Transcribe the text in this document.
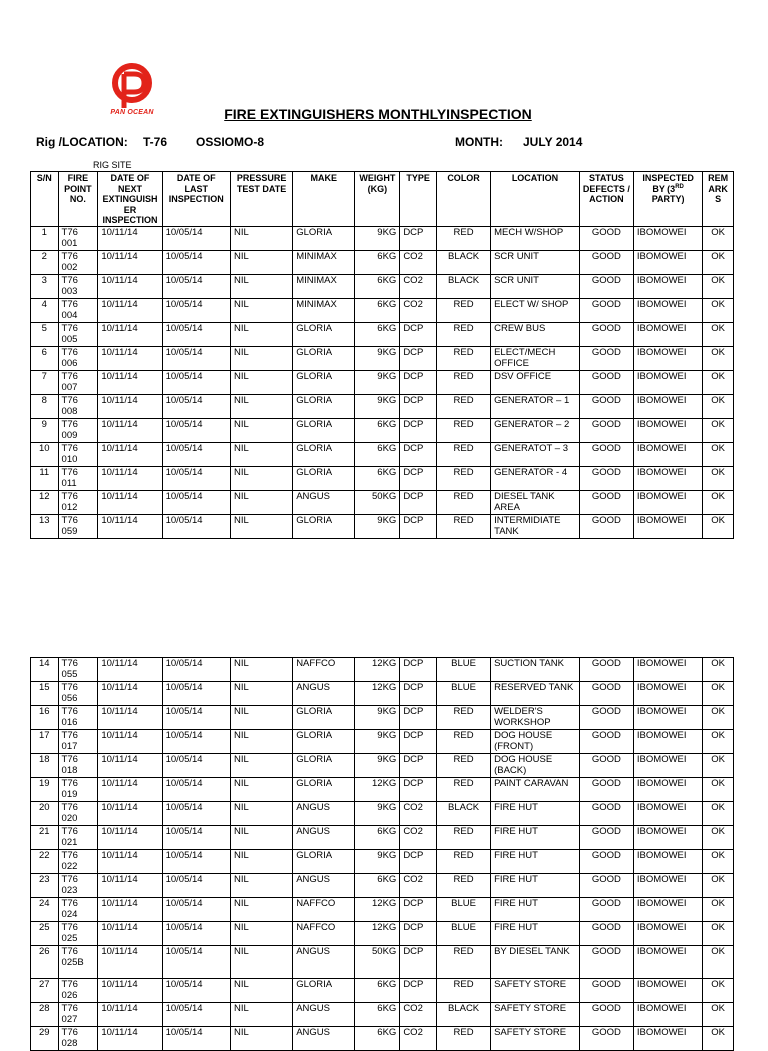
PAN OCEAN	FIRE EXTINGUISHERS MONTHLYINSPECTION
Rig /LOCATION: T-76 OSSIOMO-8	MONTH: JULY 2014
RIG SITE
S/N	FIRE POINT NO.	DATE OF NEXT EXTINGUISH ER INSPECTION	DATE OF LAST INSPECTION	PRESSURE TEST DATE	MAKE	WEIGHT (KG)	TYPE	COLOR	LOCATION	STATUS DEFECTS / ACTION	INSPECTED BY (3RD PARTY)	REM ARK S
1	T76 001	10/11/14	10/05/14	NIL	GLORIA	9KG	DCP	RED	MECH W/SHOP	GOOD	IBOMOWEI	OK
2	T76 002	10/11/14	10/05/14	NIL	MINIMAX	6KG	CO2	BLACK	SCR UNIT	GOOD	IBOMOWEI	OK
3	T76 003	10/11/14	10/05/14	NIL	MINIMAX	6KG	CO2	BLACK	SCR UNIT	GOOD	IBOMOWEI	OK
4	T76 004	10/11/14	10/05/14	NIL	MINIMAX	6KG	CO2	RED	ELECT W/ SHOP	GOOD	IBOMOWEI	OK
5	T76 005	10/11/14	10/05/14	NIL	GLORIA	6KG	DCP	RED	CREW BUS	GOOD	IBOMOWEI	OK
6	T76 006	10/11/14	10/05/14	NIL	GLORIA	9KG	DCP	RED	ELECT/MECH OFFICE	GOOD	IBOMOWEI	OK
7	T76 007	10/11/14	10/05/14	NIL	GLORIA	9KG	DCP	RED	DSV OFFICE	GOOD	IBOMOWEI	OK
8	T76 008	10/11/14	10/05/14	NIL	GLORIA	9KG	DCP	RED	GENERATOR – 1	GOOD	IBOMOWEI	OK
9	T76 009	10/11/14	10/05/14	NIL	GLORIA	6KG	DCP	RED	GENERATOR – 2	GOOD	IBOMOWEI	OK
10	T76 010	10/11/14	10/05/14	NIL	GLORIA	6KG	DCP	RED	GENERATOT – 3	GOOD	IBOMOWEI	OK
11	T76 011	10/11/14	10/05/14	NIL	GLORIA	6KG	DCP	RED	GENERATOR - 4	GOOD	IBOMOWEI	OK
12	T76 012	10/11/14	10/05/14	NIL	ANGUS	50KG	DCP	RED	DIESEL TANK AREA	GOOD	IBOMOWEI	OK
13	T76 059	10/11/14	10/05/14	NIL	GLORIA	9KG	DCP	RED	INTERMIDIATE TANK	GOOD	IBOMOWEI	OK
14	T76 055	10/11/14	10/05/14	NIL	NAFFCO	12KG	DCP	BLUE	SUCTION TANK	GOOD	IBOMOWEI	OK
15	T76 056	10/11/14	10/05/14	NIL	ANGUS	12KG	DCP	BLUE	RESERVED TANK	GOOD	IBOMOWEI	OK
16	T76 016	10/11/14	10/05/14	NIL	GLORIA	9KG	DCP	RED	WELDER'S WORKSHOP	GOOD	IBOMOWEI	OK
17	T76 017	10/11/14	10/05/14	NIL	GLORIA	9KG	DCP	RED	DOG HOUSE (FRONT)	GOOD	IBOMOWEI	OK
18	T76 018	10/11/14	10/05/14	NIL	GLORIA	9KG	DCP	RED	DOG HOUSE (BACK)	GOOD	IBOMOWEI	OK
19	T76 019	10/11/14	10/05/14	NIL	GLORIA	12KG	DCP	RED	PAINT CARAVAN	GOOD	IBOMOWEI	OK
20	T76 020	10/11/14	10/05/14	NIL	ANGUS	9KG	CO2	BLACK	FIRE HUT	GOOD	IBOMOWEI	OK
21	T76 021	10/11/14	10/05/14	NIL	ANGUS	6KG	CO2	RED	FIRE HUT	GOOD	IBOMOWEI	OK
22	T76 022	10/11/14	10/05/14	NIL	GLORIA	9KG	DCP	RED	FIRE HUT	GOOD	IBOMOWEI	OK
23	T76 023	10/11/14	10/05/14	NIL	ANGUS	6KG	CO2	RED	FIRE HUT	GOOD	IBOMOWEI	OK
24	T76 024	10/11/14	10/05/14	NIL	NAFFCO	12KG	DCP	BLUE	FIRE HUT	GOOD	IBOMOWEI	OK
25	T76 025	10/11/14	10/05/14	NIL	NAFFCO	12KG	DCP	BLUE	FIRE HUT	GOOD	IBOMOWEI	OK
26	T76 025B	10/11/14	10/05/14	NIL	ANGUS	50KG	DCP	RED	BY DIESEL TANK	GOOD	IBOMOWEI	OK
27	T76 026	10/11/14	10/05/14	NIL	GLORIA	6KG	DCP	RED	SAFETY STORE	GOOD	IBOMOWEI	OK
28	T76 027	10/11/14	10/05/14	NIL	ANGUS	6KG	CO2	BLACK	SAFETY STORE	GOOD	IBOMOWEI	OK
29	T76 028	10/11/14	10/05/14	NIL	ANGUS	6KG	CO2	RED	SAFETY STORE	GOOD	IBOMOWEI	OK
